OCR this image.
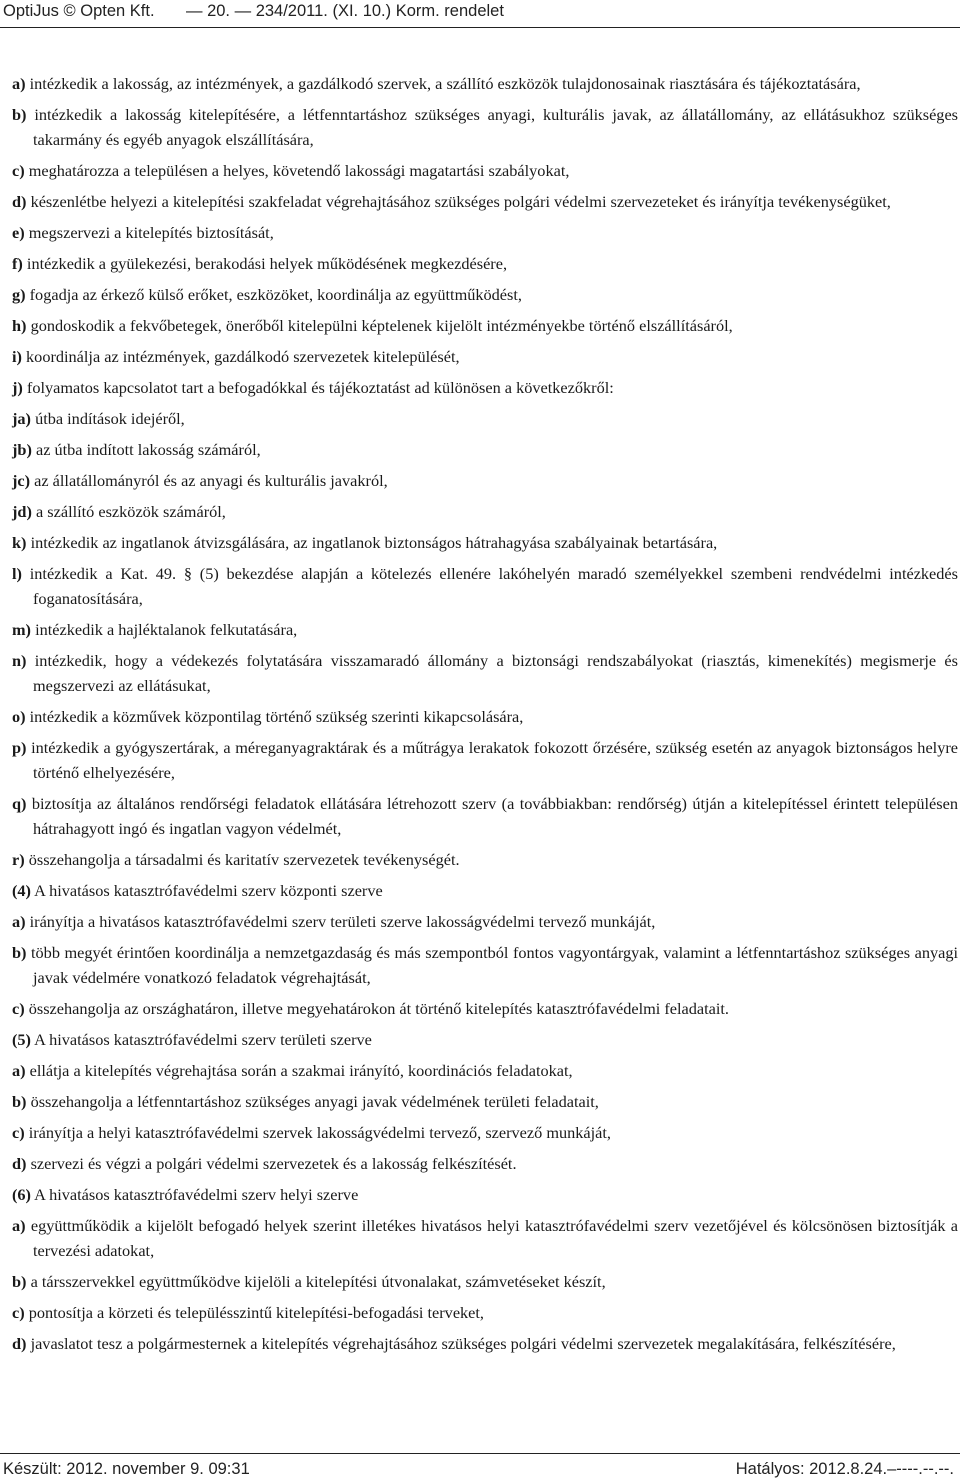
OptiJus © Opten Kft. — 20. — 234/2011. (XI. 10.) Korm. rendelet
a) intézkedik a lakosság, az intézmények, a gazdálkodó szervek, a szállító eszközök tulajdonosainak riasztására és tájékoztatására,
b) intézkedik a lakosság kitelepítésére, a létfenntartáshoz szükséges anyagi, kulturális javak, az állatállomány, az ellátásukhoz szükséges takarmány és egyéb anyagok elszállítására,
c) meghatározza a településen a helyes, követendő lakossági magatartási szabályokat,
d) készenlétbe helyezi a kitelepítési szakfeladat végrehajtásához szükséges polgári védelmi szervezeteket és irányítja tevékenységüket,
e) megszervezi a kitelepítés biztosítását,
f) intézkedik a gyülekezési, berakodási helyek működésének megkezdésére,
g) fogadja az érkező külső erőket, eszközöket, koordinálja az együttműködést,
h) gondoskodik a fekvőbetegek, önerőből kitelepülni képtelenek kijelölt intézményekbe történő elszállításáról,
i) koordinálja az intézmények, gazdálkodó szervezetek kitelepülését,
j) folyamatos kapcsolatot tart a befogadókkal és tájékoztatást ad különösen a következőkről:
ja) útba indítások idejéről,
jb) az útba indított lakosság számáról,
jc) az állatállományról és az anyagi és kulturális javakról,
jd) a szállító eszközök számáról,
k) intézkedik az ingatlanok átvizsgálására, az ingatlanok biztonságos hátrahagyása szabályainak betartására,
l) intézkedik a Kat. 49. § (5) bekezdése alapján a kötelezés ellenére lakóhelyén maradó személyekkel szembeni rendvédelmi intézkedés foganatosítására,
m) intézkedik a hajléktalanok felkutatására,
n) intézkedik, hogy a védekezés folytatására visszamaradó állomány a biztonsági rendszabályokat (riasztás, kimenekítés) megismerje és megszervezi az ellátásukat,
o) intézkedik a közművek központilag történő szükség szerinti kikapcsolására,
p) intézkedik a gyógyszertárak, a méreganyagraktárak és a műtrágya lerakatok fokozott őrzésére, szükség esetén az anyagok biztonságos helyre történő elhelyezésére,
q) biztosítja az általános rendőrségi feladatok ellátására létrehozott szerv (a továbbiakban: rendőrség) útján a kitelepítéssel érintett településen hátrahagyott ingó és ingatlan vagyon védelmét,
r) összehangolja a társadalmi és karitatív szervezetek tevékenységét.
(4) A hivatásos katasztrófavédelmi szerv központi szerve
a) irányítja a hivatásos katasztrófavédelmi szerv területi szerve lakosságvédelmi tervező munkáját,
b) több megyét érintően koordinálja a nemzetgazdaság és más szempontból fontos vagyontárgyak, valamint a létfenntartáshoz szükséges anyagi javak védelmére vonatkozó feladatok végrehajtását,
c) összehangolja az országhatáron, illetve megyehatárokon át történő kitelepítés katasztrófavédelmi feladatait.
(5) A hivatásos katasztrófavédelmi szerv területi szerve
a) ellátja a kitelepítés végrehajtása során a szakmai irányító, koordinációs feladatokat,
b) összehangolja a létfenntartáshoz szükséges anyagi javak védelmének területi feladatait,
c) irányítja a helyi katasztrófavédelmi szervek lakosságvédelmi tervező, szervező munkáját,
d) szervezi és végzi a polgári védelmi szervezetek és a lakosság felkészítését.
(6) A hivatásos katasztrófavédelmi szerv helyi szerve
a) együttműködik a kijelölt befogadó helyek szerint illetékes hivatásos helyi katasztrófavédelmi szerv vezetőjével és kölcsönösen biztosítják a tervezési adatokat,
b) a társszervekkel együttműködve kijelöli a kitelepítési útvonalakat, számvetéseket készít,
c) pontosítja a körzeti és településszintű kitelepítési-befogadási terveket,
d) javaslatot tesz a polgármesternek a kitelepítés végrehajtásához szükséges polgári védelmi szervezetek megalakítására, felkészítésére,
Készült: 2012. november 9. 09:31	Hatályos: 2012.8.24.–----.--.--.
